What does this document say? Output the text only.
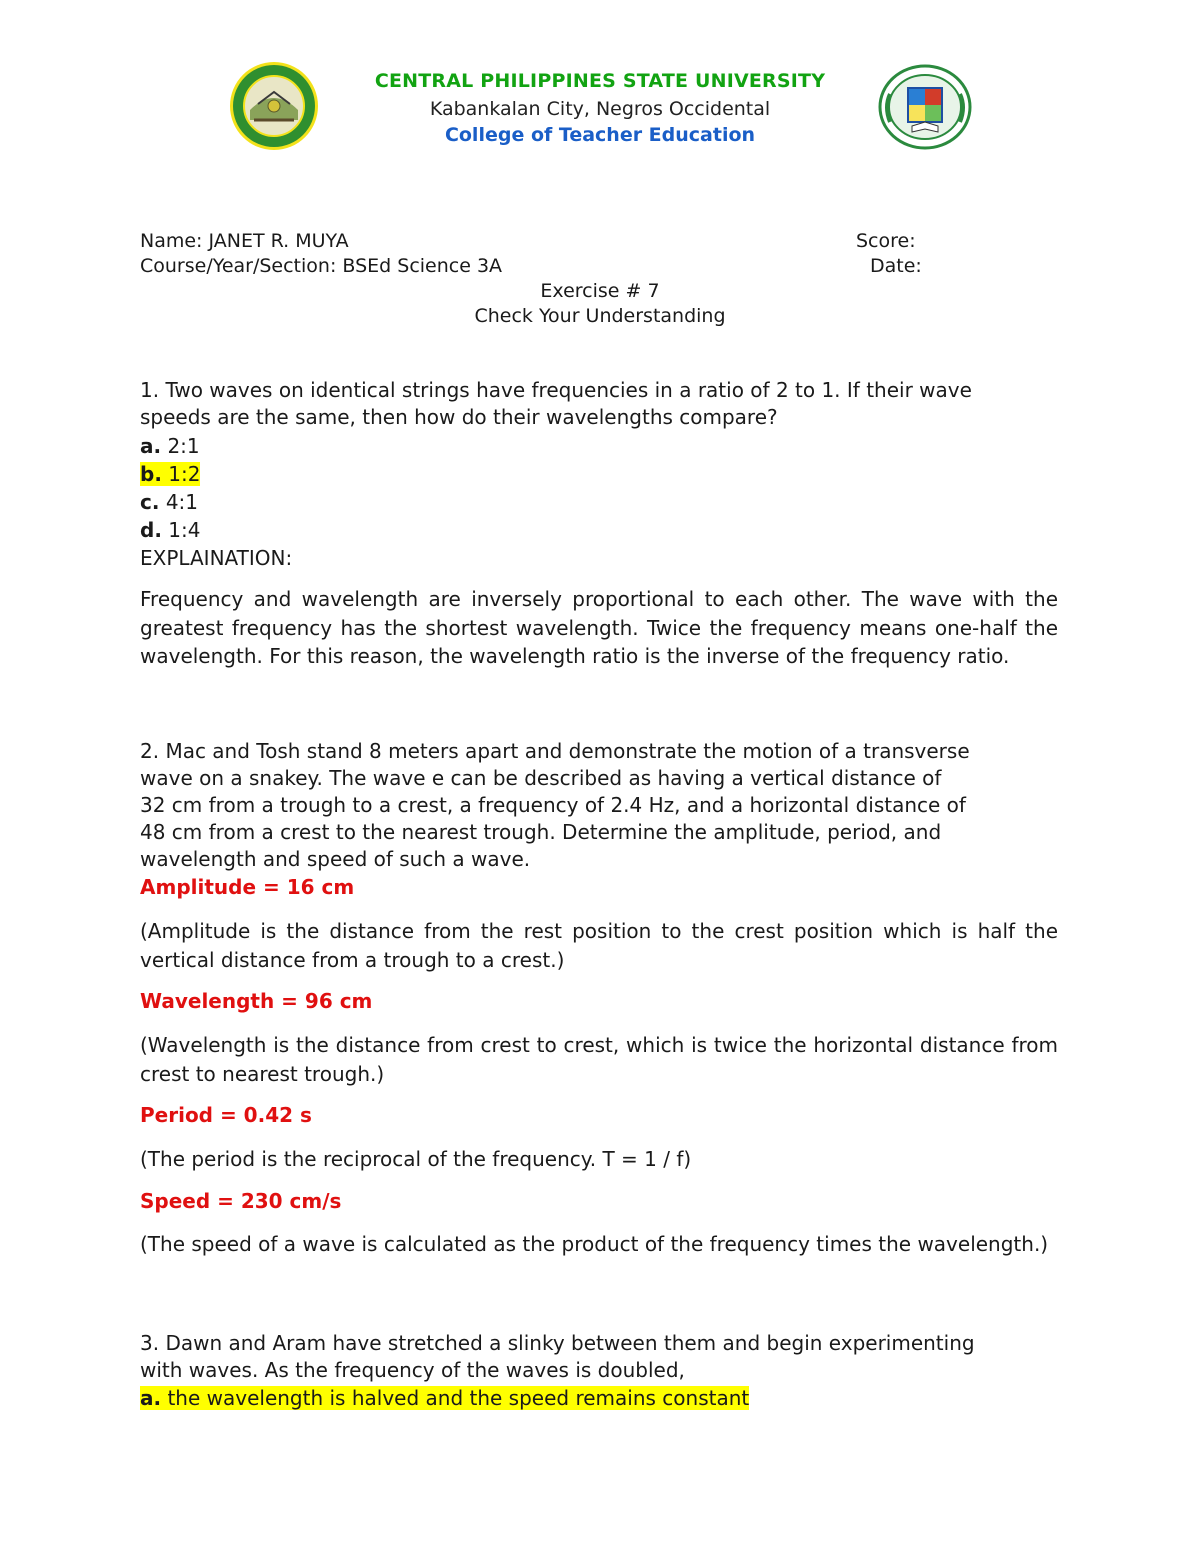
CENTRAL PHILIPPINES STATE UNIVERSITY
Kabankalan City, Negros Occidental
College of Teacher Education
Name: JANET R. MUYA	Score:
Course/Year/Section: BSEd Science 3A	Date:
Exercise # 7
Check Your Understanding
1. Two waves on identical strings have frequencies in a ratio of 2 to 1. If their wave
speeds are the same, then how do their wavelengths compare?
a. 2:1
b. 1:2
c. 4:1
d. 1:4
EXPLAINATION:
Frequency and wavelength are inversely proportional to each other. The wave with the greatest frequency has the shortest wavelength. Twice the frequency means one-half the wavelength. For this reason, the wavelength ratio is the inverse of the frequency ratio.
2. Mac and Tosh stand 8 meters apart and demonstrate the motion of a transverse
wave on a snakey. The wave e can be described as having a vertical distance of
32 cm from a trough to a crest, a frequency of 2.4 Hz, and a horizontal distance of
48 cm from a crest to the nearest trough. Determine the amplitude, period, and
wavelength and speed of such a wave.
Amplitude = 16 cm
(Amplitude is the distance from the rest position to the crest position which is half the vertical distance from a trough to a crest.)
Wavelength = 96 cm
(Wavelength is the distance from crest to crest, which is twice the horizontal distance from crest to nearest trough.)
Period = 0.42 s
(The period is the reciprocal of the frequency. T = 1 / f)
Speed = 230 cm/s
(The speed of a wave is calculated as the product of the frequency times the wavelength.)
3. Dawn and Aram have stretched a slinky between them and begin experimenting
with waves. As the frequency of the waves is doubled,
a. the wavelength is halved and the speed remains constant
